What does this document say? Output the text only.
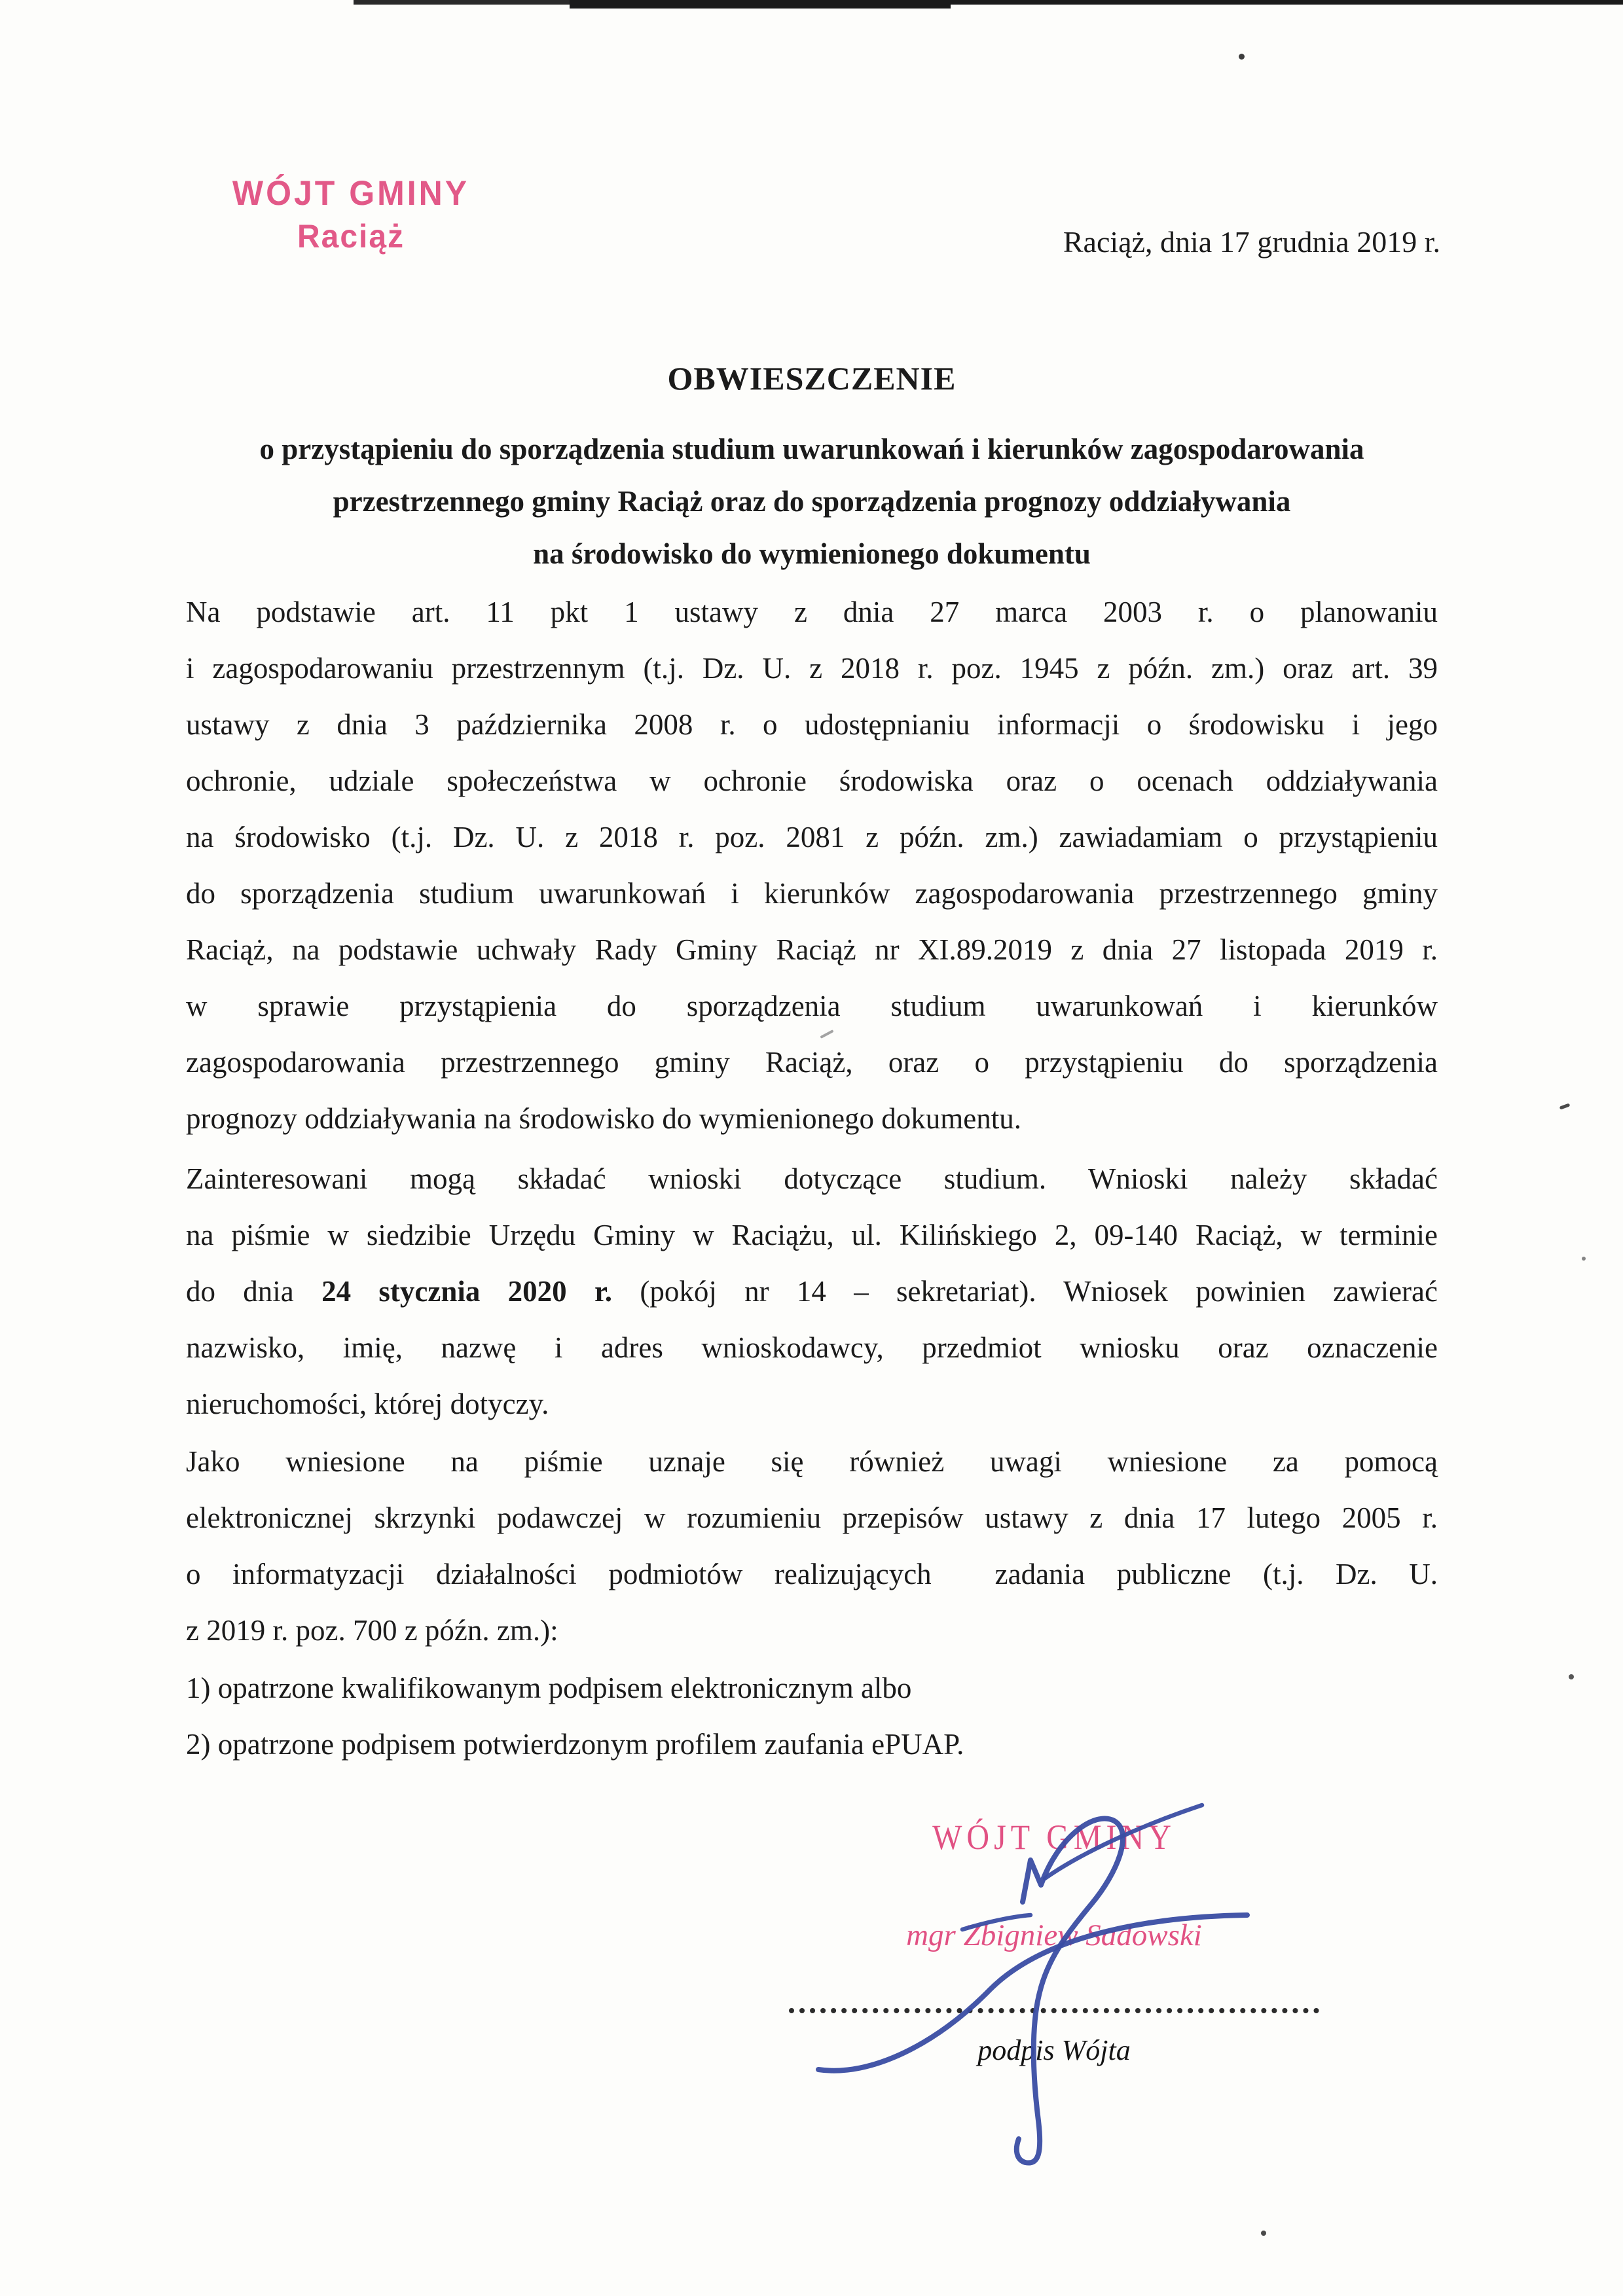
WÓJT GMINY
Raciąż	Raciąż, dnia 17 grudnia 2019 r.
OBWIESZCZENIE
o przystąpieniu do sporządzenia studium uwarunkowań i kierunków zagospodarowania
przestrzennego gminy Raciąż oraz do sporządzenia prognozy oddziaływania
na środowisko do wymienionego dokumentu
Na podstawie art. 11 pkt 1 ustawy z dnia 27 marca 2003 r. o planowaniu
i zagospodarowaniu przestrzennym (t.j. Dz. U. z 2018 r. poz. 1945 z późn. zm.) oraz art. 39
ustawy z dnia 3 października 2008 r. o udostępnianiu informacji o środowisku i jego
ochronie, udziale społeczeństwa w ochronie środowiska oraz o ocenach oddziaływania
na środowisko (t.j. Dz. U. z 2018 r. poz. 2081 z późn. zm.) zawiadamiam o przystąpieniu
do sporządzenia studium uwarunkowań i kierunków zagospodarowania przestrzennego gminy
Raciąż, na podstawie uchwały Rady Gminy Raciąż nr XI.89.2019 z dnia 27 listopada 2019 r.
w sprawie przystąpienia do sporządzenia studium uwarunkowań i kierunków
zagospodarowania przestrzennego gminy Raciąż, oraz o przystąpieniu do sporządzenia
prognozy oddziaływania na środowisko do wymienionego dokumentu.
Zainteresowani mogą składać wnioski dotyczące studium. Wnioski należy składać
na piśmie w siedzibie Urzędu Gminy w Raciążu, ul. Kilińskiego 2, 09-140 Raciąż, w terminie
do dnia 24 stycznia 2020 r. (pokój nr 14 – sekretariat). Wniosek powinien zawierać
nazwisko, imię, nazwę i adres wnioskodawcy, przedmiot wniosku oraz oznaczenie
nieruchomości, której dotyczy.
Jako wniesione na piśmie uznaje się również uwagi wniesione za pomocą
elektronicznej skrzynki podawczej w rozumieniu przepisów ustawy z dnia 17 lutego 2005 r.
o informatyzacji działalności podmiotów realizujących  zadania publiczne (t.j. Dz. U.
z 2019 r. poz. 700 z późn. zm.):
1) opatrzone kwalifikowanym podpisem elektronicznym albo
2) opatrzone podpisem potwierdzonym profilem zaufania ePUAP.
WÓJT GMINY
mgr Zbigniew Sadowski
podpis Wójta
